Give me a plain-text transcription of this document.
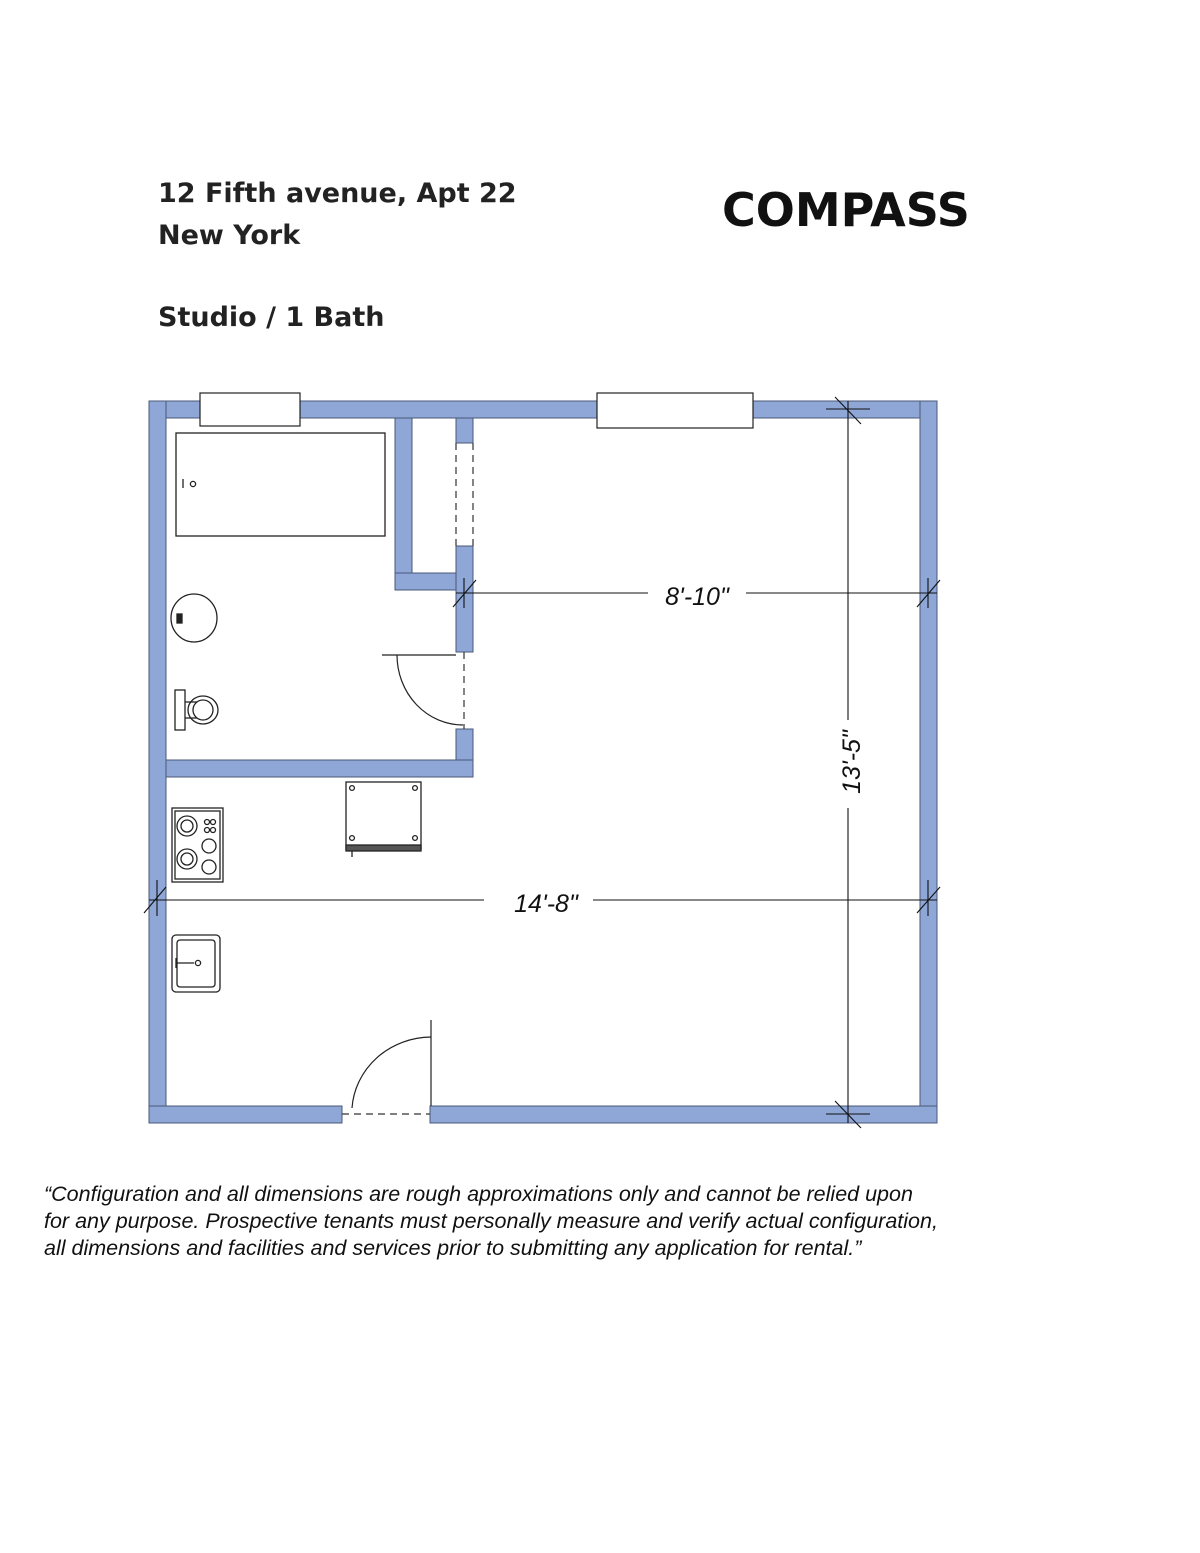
12 Fifth avenue, Apt 22
New York
Studio / 1 Bath
COMPASS
8'-10"
14'-8"
13'-5"

“Configuration and all dimensions are rough approximations only and cannot be relied upon
for any purpose. Prospective tenants must personally measure and verify actual configuration,
all dimensions and facilities and services prior to submitting any application for rental.”
